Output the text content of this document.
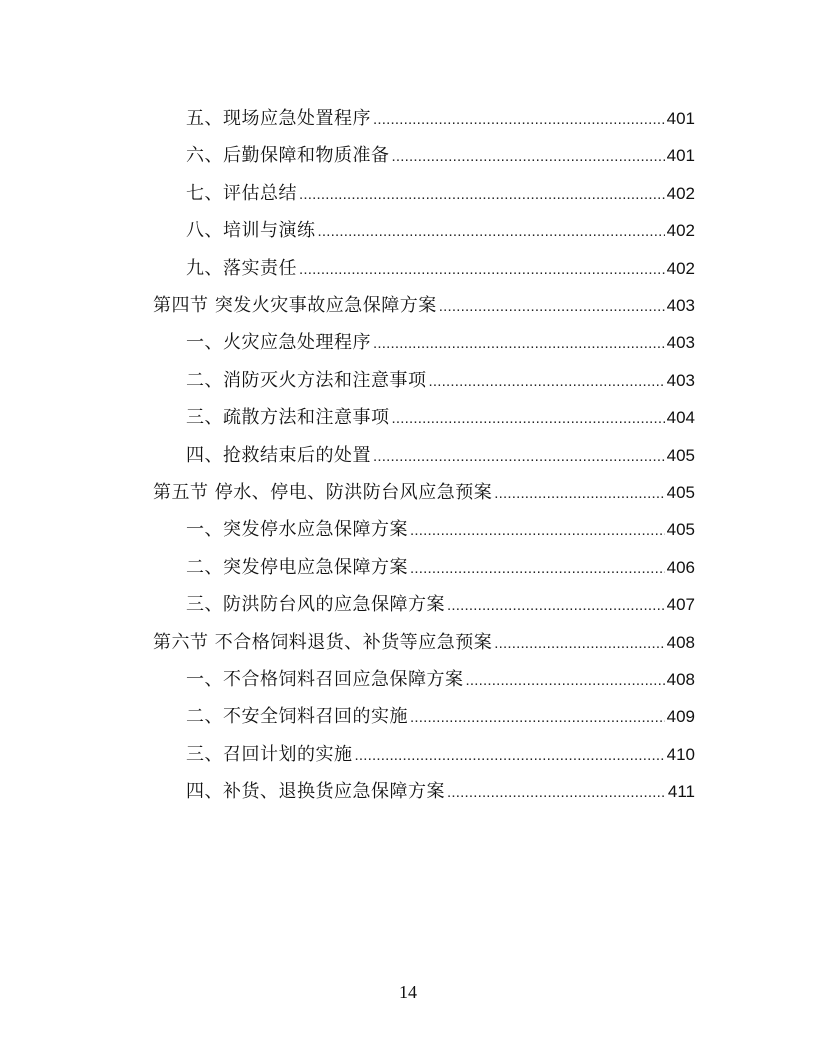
五、现场应急处置程序 .....	401
六、后勤保障和物质准备 .....	401
七、评估总结 .....	402
八、培训与演练 .....	402
九、落实责任 .....	402
第四节 突发火灾事故应急保障方案 .....	403
一、火灾应急处理程序 .....	403
二、消防灭火方法和注意事项 .....	403
三、疏散方法和注意事项 .....	404
四、抢救结束后的处置 .....	405
第五节 停水、停电、防洪防台风应急预案 .....	405
一、突发停水应急保障方案 .....	405
二、突发停电应急保障方案 .....	406
三、防洪防台风的应急保障方案 .....	407
第六节 不合格饲料退货、补货等应急预案 .....	408
一、不合格饲料召回应急保障方案 .....	408
二、不安全饲料召回的实施 .....	409
三、召回计划的实施 .....	410
四、补货、退换货应急保障方案 .....	411
14
